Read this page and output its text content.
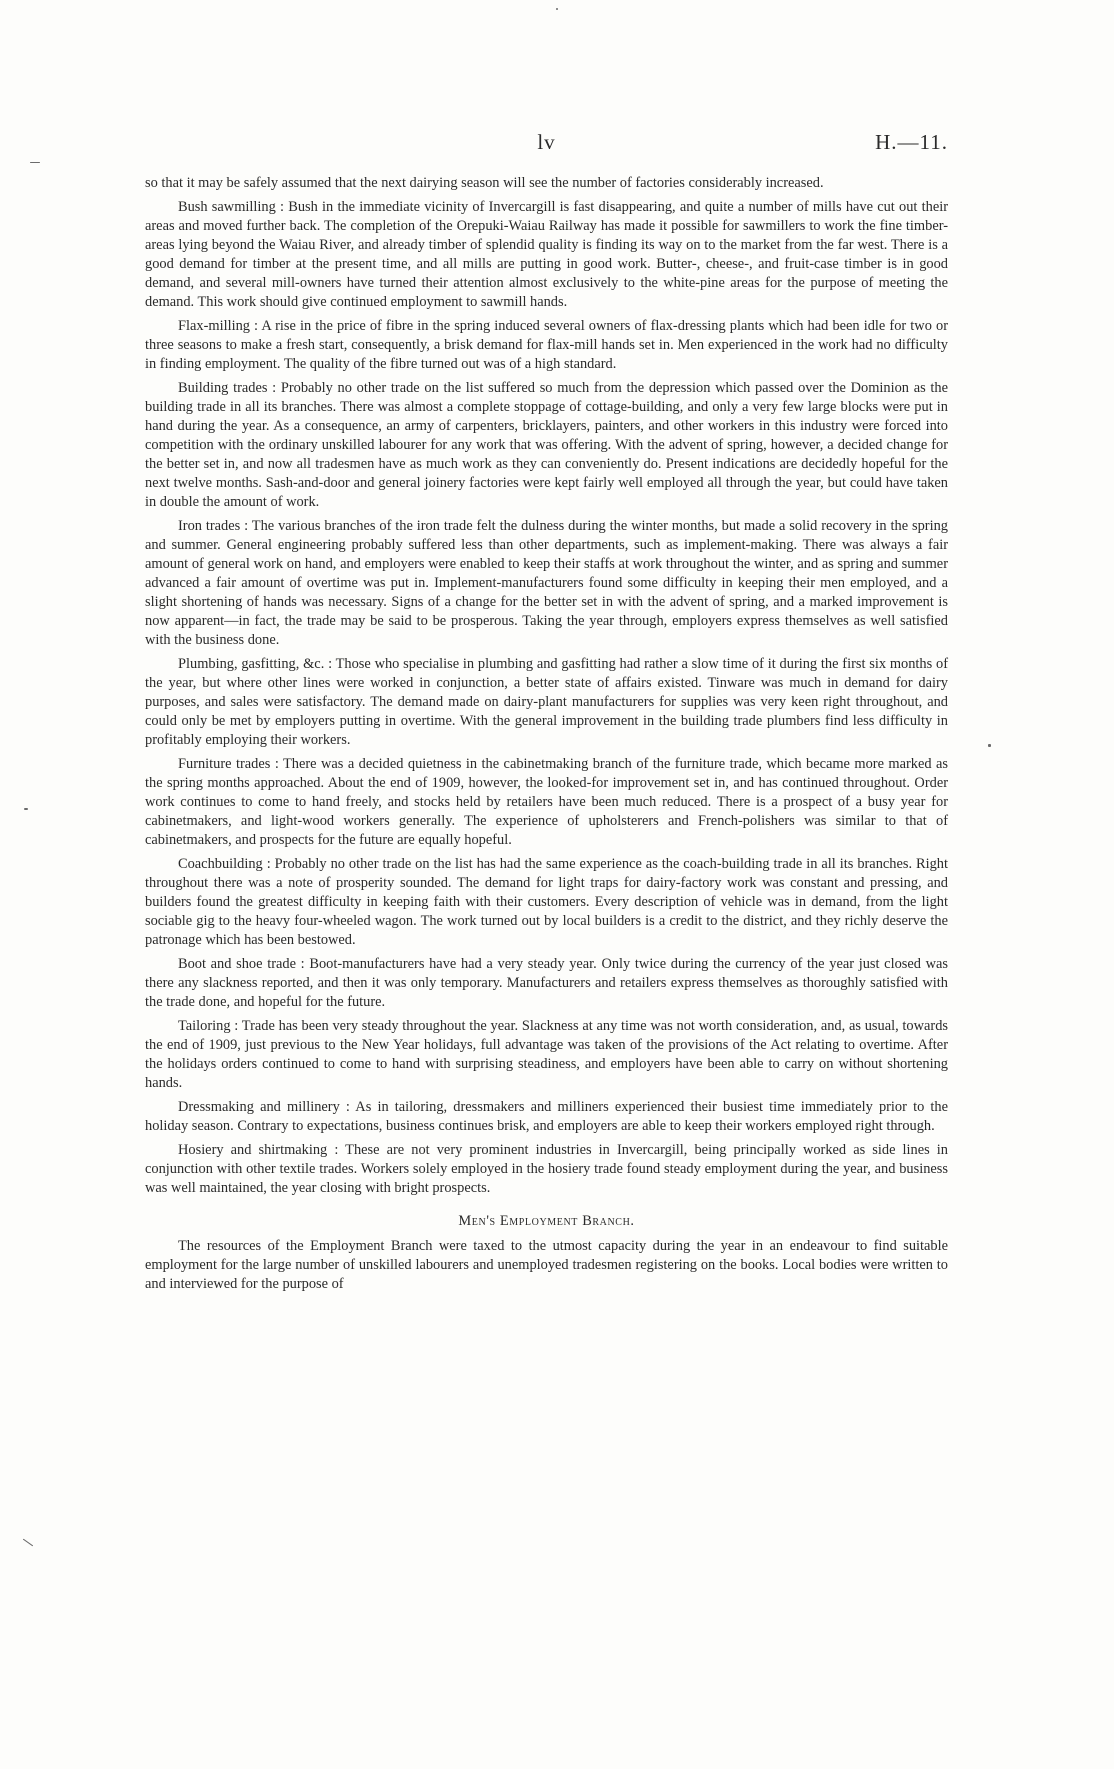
lv	H.—11.

so that it may be safely assumed that the next dairying season will see the number of factories considerably increased.

Bush sawmilling : Bush in the immediate vicinity of Invercargill is fast disappearing, and quite a number of mills have cut out their areas and moved further back. The completion of the Orepuki-Waiau Railway has made it possible for sawmillers to work the fine timber-areas lying beyond the Waiau River, and already timber of splendid quality is finding its way on to the market from the far west. There is a good demand for timber at the present time, and all mills are putting in good work. Butter-, cheese-, and fruit-case timber is in good demand, and several mill-owners have turned their attention almost exclusively to the white-pine areas for the purpose of meeting the demand. This work should give continued employment to sawmill hands.

Flax-milling : A rise in the price of fibre in the spring induced several owners of flax-dressing plants which had been idle for two or three seasons to make a fresh start, consequently, a brisk demand for flax-mill hands set in. Men experienced in the work had no difficulty in finding employment. The quality of the fibre turned out was of a high standard.

Building trades : Probably no other trade on the list suffered so much from the depression which passed over the Dominion as the building trade in all its branches. There was almost a complete stoppage of cottage-building, and only a very few large blocks were put in hand during the year. As a consequence, an army of carpenters, bricklayers, painters, and other workers in this industry were forced into competition with the ordinary unskilled labourer for any work that was offering. With the advent of spring, however, a decided change for the better set in, and now all tradesmen have as much work as they can conveniently do. Present indications are decidedly hopeful for the next twelve months. Sash-and-door and general joinery factories were kept fairly well employed all through the year, but could have taken in double the amount of work.

Iron trades : The various branches of the iron trade felt the dulness during the winter months, but made a solid recovery in the spring and summer. General engineering probably suffered less than other departments, such as implement-making. There was always a fair amount of general work on hand, and employers were enabled to keep their staffs at work throughout the winter, and as spring and summer advanced a fair amount of overtime was put in. Implement-manufacturers found some difficulty in keeping their men employed, and a slight shortening of hands was necessary. Signs of a change for the better set in with the advent of spring, and a marked improvement is now apparent—in fact, the trade may be said to be prosperous. Taking the year through, employers express themselves as well satisfied with the business done.

Plumbing, gasfitting, &c. : Those who specialise in plumbing and gasfitting had rather a slow time of it during the first six months of the year, but where other lines were worked in conjunction, a better state of affairs existed. Tinware was much in demand for dairy purposes, and sales were satisfactory. The demand made on dairy-plant manufacturers for supplies was very keen right throughout, and could only be met by employers putting in overtime. With the general improvement in the building trade plumbers find less difficulty in profitably employing their workers.

Furniture trades : There was a decided quietness in the cabinetmaking branch of the furniture trade, which became more marked as the spring months approached. About the end of 1909, however, the looked-for improvement set in, and has continued throughout. Order work continues to come to hand freely, and stocks held by retailers have been much reduced. There is a prospect of a busy year for cabinetmakers, and light-wood workers generally. The experience of upholsterers and French-polishers was similar to that of cabinetmakers, and prospects for the future are equally hopeful.

Coachbuilding : Probably no other trade on the list has had the same experience as the coach-building trade in all its branches. Right throughout there was a note of prosperity sounded. The demand for light traps for dairy-factory work was constant and pressing, and builders found the greatest difficulty in keeping faith with their customers. Every description of vehicle was in demand, from the light sociable gig to the heavy four-wheeled wagon. The work turned out by local builders is a credit to the district, and they richly deserve the patronage which has been bestowed.

Boot and shoe trade : Boot-manufacturers have had a very steady year. Only twice during the currency of the year just closed was there any slackness reported, and then it was only temporary. Manufacturers and retailers express themselves as thoroughly satisfied with the trade done, and hopeful for the future.

Tailoring : Trade has been very steady throughout the year. Slackness at any time was not worth consideration, and, as usual, towards the end of 1909, just previous to the New Year holidays, full advantage was taken of the provisions of the Act relating to overtime. After the holidays orders continued to come to hand with surprising steadiness, and employers have been able to carry on without shortening hands.

Dressmaking and millinery : As in tailoring, dressmakers and milliners experienced their busiest time immediately prior to the holiday season. Contrary to expectations, business continues brisk, and employers are able to keep their workers employed right through.

Hosiery and shirtmaking : These are not very prominent industries in Invercargill, being principally worked as side lines in conjunction with other textile trades. Workers solely employed in the hosiery trade found steady employment during the year, and business was well maintained, the year closing with bright prospects.

Men's Employment Branch.

The resources of the Employment Branch were taxed to the utmost capacity during the year in an endeavour to find suitable employment for the large number of unskilled labourers and unemployed tradesmen registering on the books. Local bodies were written to and interviewed for the purpose of
